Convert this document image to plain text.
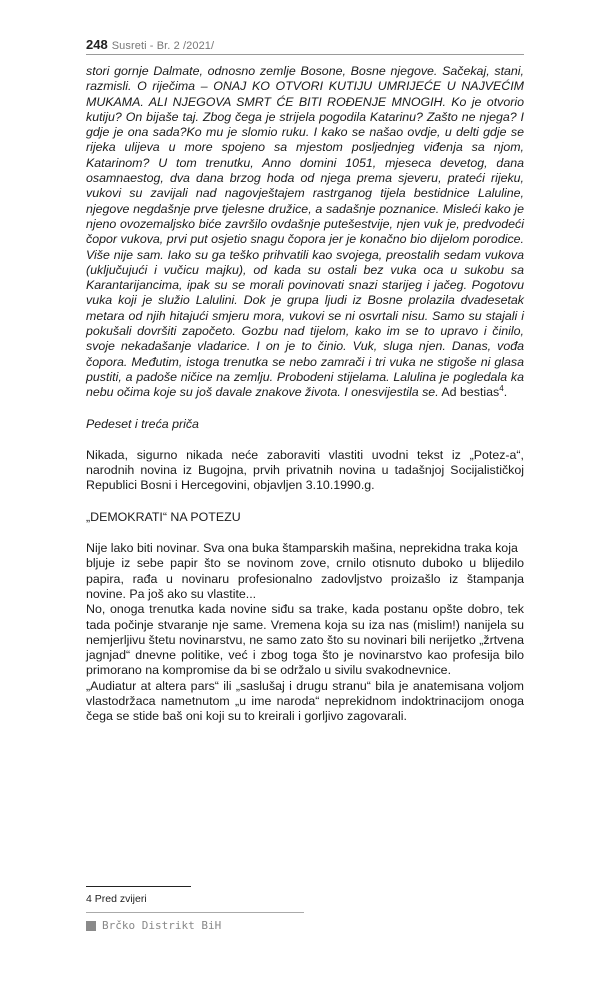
248 Susreti - Br. 2 /2021/

stori gornje Dalmate, odnosno zemlje Bosone, Bosne njegove. Sačekaj, stani, razmisli. O riječima – ONAJ KO OTVORI KUTIJU UMRIJEĆE U NAJVEĆIM MUKAMA. ALI NJEGOVA SMRT ĆE BITI ROĐENJE MNOGIH. Ko je otvorio kutiju? On bijaše taj. Zbog čega je strijela pogodila Katarinu? Zašto ne njega? I gdje je ona sada?Ko mu je slomio ruku. I kako se našao ovdje, u delti gdje se rijeka ulijeva u more spojeno sa mjestom posljednjeg viđenja sa njom, Katarinom? U tom trenutku, Anno domini 1051, mjeseca devetog, dana osamnaestog, dva dana brzog hoda od njega prema sjeveru, prateći rijeku, vukovi su zavijali nad nagovještajem rastrganog tijela bestidnice Laluline, njegove negdašnje prve tjelesne družice, a sadašnje poznanice. Misleći kako je njeno ovozemaljsko biće završilo ovdašnje putešestvije, njen vuk je, predvodeći čopor vukova, prvi put osjetio snagu čopora jer je konačno bio dijelom porodice. Više nije sam. Iako su ga teško prihvatili kao svojega, preostalih sedam vukova (uključujući i vučicu majku), od kada su ostali bez vuka oca u sukobu sa Karantarijancima, ipak su se morali povinovati snazi starijeg i jačeg. Pogotovu vuka koji je služio Lalulini. Dok je grupa ljudi iz Bosne prolazila dvadesetak metara od njih hitajući smjeru mora, vukovi se ni osvrtali nisu. Samo su stajali i pokušali dovršiti započeto. Gozbu nad tijelom, kako im se to upravo i činilo, svoje nekadašanje vladarice. I on je to činio. Vuk, sluga njen. Danas, vođa čopora. Međutim, istoga trenutka se nebo zamrači i tri vuka ne stigoše ni glasa pustiti, a padoše ničice na zemlju. Probodeni stijelama. Lalulina je pogledala ka nebu očima koje su još davale znakove života. I onesvijestila se. Ad bestias$^4$.

Pedeset i treća priča

Nikada, sigurno nikada neće zaboraviti vlastiti uvodni tekst iz „Potez-a“, narodnih novina iz Bugojna, prvih privatnih novina u tadašnjoj Socijalističkoj Republici Bosni i Hercegovini, objavljen 3.10.1990.g.

„DEMOKRATI“ NA POTEZU

Nije lako biti novinar. Sva ona buka štamparskih mašina, neprekidna traka koja

bljuje iz sebe papir što se novinom zove, crnilo otisnuto duboko u blijedilo papira, rađa u novinaru profesionalno zadovljstvo proizašlo iz štampanja novine. Pa još ako su vlastite...

No, onoga trenutka kada novine siđu sa trake, kada postanu opšte dobro, tek tada počinje stvaranje nje same. Vremena koja su iza nas (mislim!) nanijela su nemjerljivu štetu novinarstvu, ne samo zato što su novinari bili nerijetko „žrtvena jagnjad“ dnevne politike, već i zbog toga što je novinarstvo kao profesija bilo primorano na kompromise da bi se održalo u sivilu svakodnevnice.

„Audiatur at altera pars“ ili „saslušaj i drugu stranu“ bila je anatemisana voljom vlastodržaca nametnutom „u ime naroda“ neprekidnom indoktrinacijom onoga čega se stide baš oni koji su to kreirali i gorljivo zagovarali.

4 Pred zvijeri
Brčko Distrikt BiH
